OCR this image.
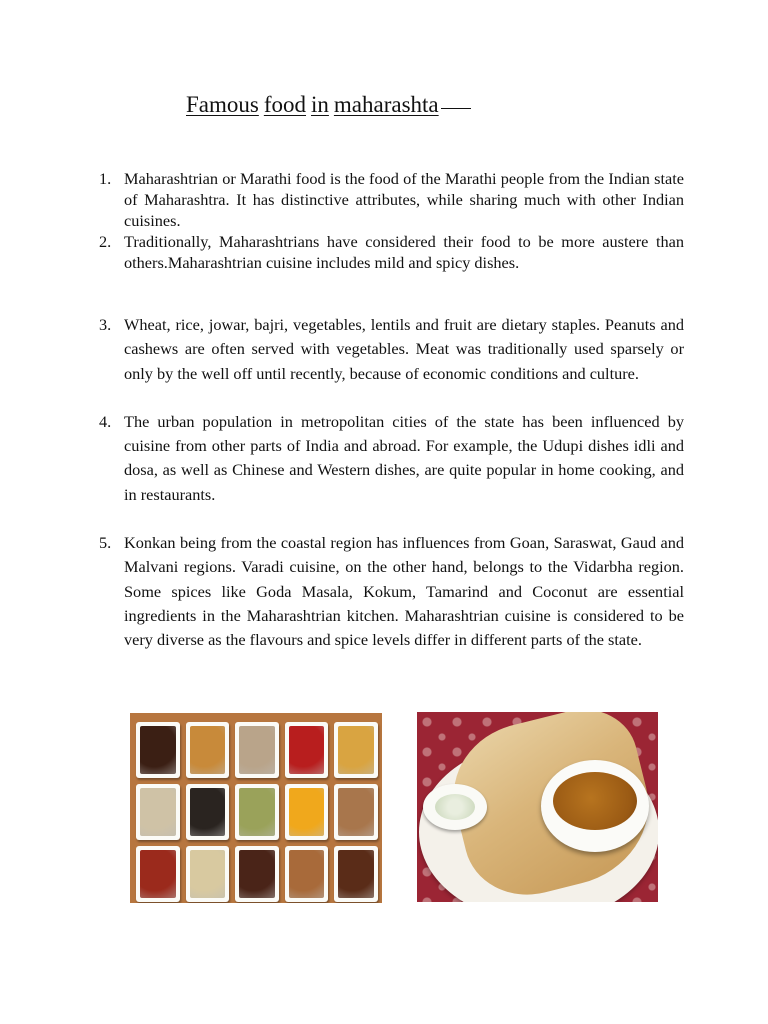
Famous food in maharashta
1. Maharashtrian or Marathi food is the food of the Marathi people from the Indian state of Maharashtra. It has distinctive attributes, while sharing much with other Indian cuisines.
2. Traditionally, Maharashtrians have considered their food to be more austere than others.Maharashtrian cuisine includes mild and spicy dishes.
3. Wheat, rice, jowar, bajri, vegetables, lentils and fruit are dietary staples. Peanuts and cashews are often served with vegetables. Meat was traditionally used sparsely or only by the well off until recently, because of economic conditions and culture.
4. The urban population in metropolitan cities of the state has been influenced by cuisine from other parts of India and abroad. For example, the Udupi dishes idli and dosa, as well as Chinese and Western dishes, are quite popular in home cooking, and in restaurants.
5. Konkan being from the coastal region has influences from Goan, Saraswat, Gaud and Malvani regions. Varadi cuisine, on the other hand, belongs to the Vidarbha region. Some spices like Goda Masala, Kokum, Tamarind and Coconut are essential ingredients in the Maharashtrian kitchen. Maharashtrian cuisine is considered to be very diverse as the flavours and spice levels differ in different parts of the state.
